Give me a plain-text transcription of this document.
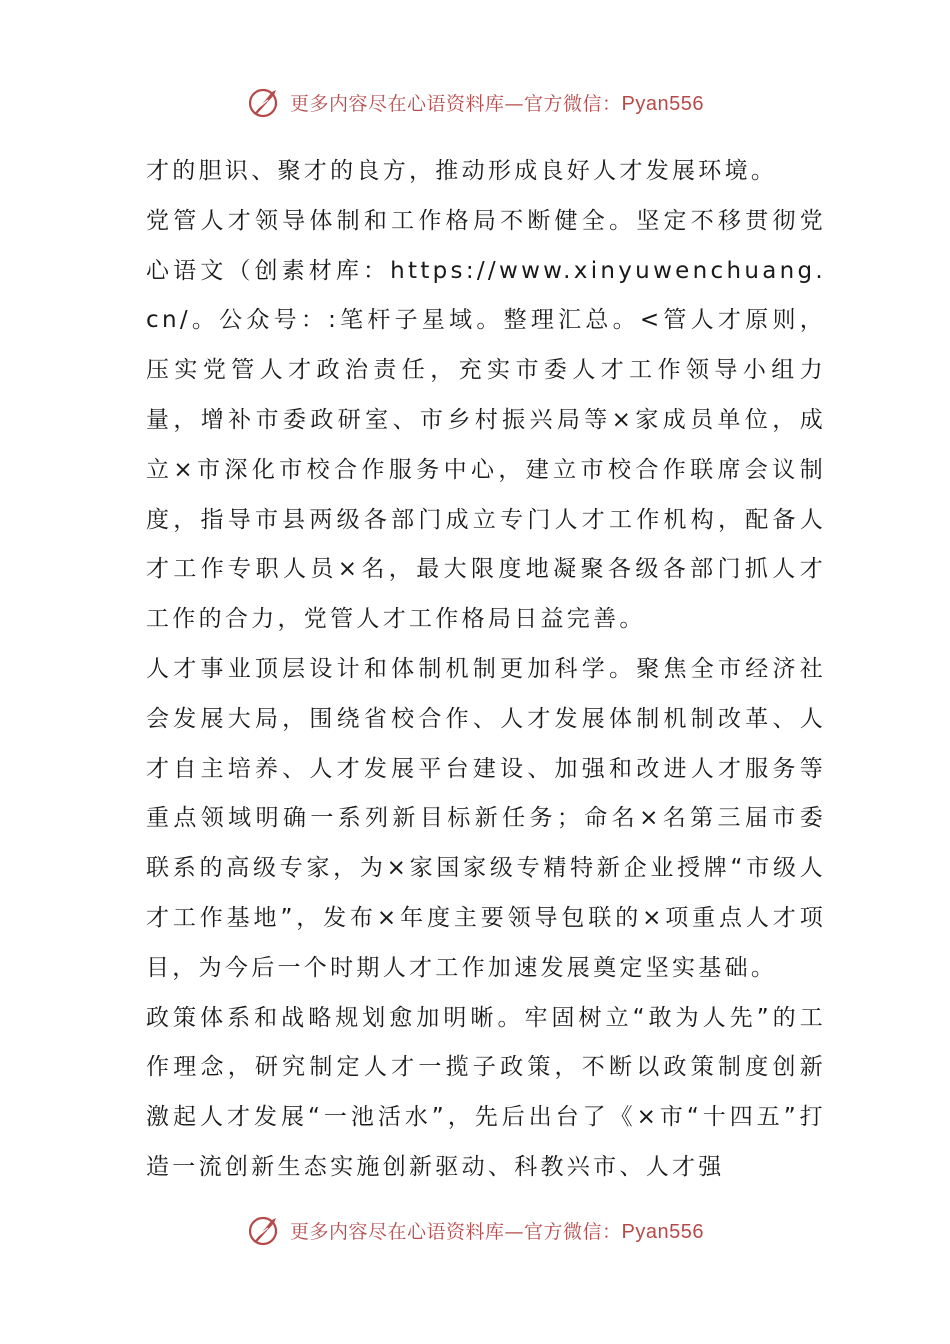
更多内容尽在心语资料库—官方微信：Pyan556

才的胆识、聚才的良方，推动形成良好人才发展环境。

党管人才领导体制和工作格局不断健全。坚定不移贯彻党心语文（创素材库：https://www.xinyuwenchuang.cn/。公众号：:笔杆子星域。整理汇总。<管人才原则，压实党管人才政治责任，充实市委人才工作领导小组力量，增补市委政研室、市乡村振兴局等×家成员单位，成立×市深化市校合作服务中心，建立市校合作联席会议制度，指导市县两级各部门成立专门人才工作机构，配备人才工作专职人员×名，最大限度地凝聚各级各部门抓人才工作的合力，党管人才工作格局日益完善。

人才事业顶层设计和体制机制更加科学。聚焦全市经济社会发展大局，围绕省校合作、人才发展体制机制改革、人才自主培养、人才发展平台建设、加强和改进人才服务等重点领域明确一系列新目标新任务；命名×名第三届市委联系的高级专家，为×家国家级专精特新企业授牌“市级人才工作基地”，发布×年度主要领导包联的×项重点人才项目，为今后一个时期人才工作加速发展奠定坚实基础。

政策体系和战略规划愈加明晰。牢固树立“敢为人先”的工作理念，研究制定人才一揽子政策，不断以政策制度创新激起人才发展“一池活水”，先后出台了《×市“十四五”打造一流创新生态实施创新驱动、科教兴市、人才强

更多内容尽在心语资料库—官方微信：Pyan556
